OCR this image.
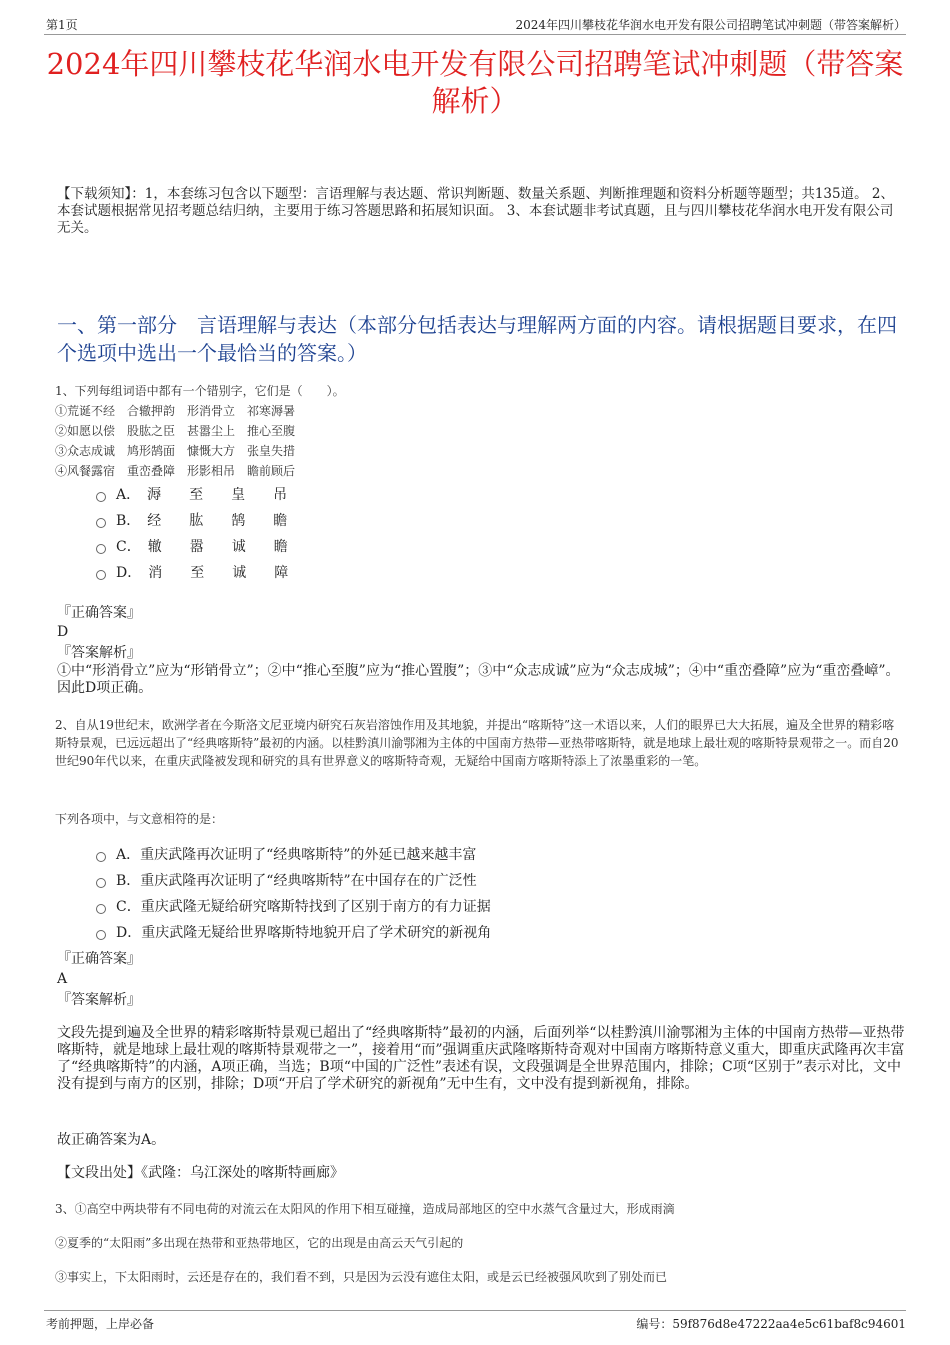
第1页	2024年四川攀枝花华润水电开发有限公司招聘笔试冲刺题（带答案解析）
2024年四川攀枝花华润水电开发有限公司招聘笔试冲刺题（带答案解析）
【下载须知】：1，本套练习包含以下题型：言语理解与表达题、常识判断题、数量关系题、判断推理题和资料分析题等题型；共135道。 2、本套试题根据常见招考题总结归纳，主要用于练习答题思路和拓展知识面。 3、本套试题非考试真题，且与四川攀枝花华润水电开发有限公司无关。
一、第一部分　言语理解与表达（本部分包括表达与理解两方面的内容。请根据题目要求，在四个选项中选出一个最恰当的答案。）
1、下列每组词语中都有一个错别字，它们是（　　）。
①荒诞不经　合辙押韵　形消骨立　祁寒溽暑
②如愿以偿　股肱之臣　甚嚣尘上　推心至腹
③众志成诚　鸠形鹄面　慷慨大方　张皇失措
④风餐露宿　重峦叠障　形影相吊　瞻前顾后
A．　溽　　至　　皇　　吊
B．　经　　肱　　鹄　　瞻
C．　辙　　嚣　　诚　　瞻
D．　消　　至　　诚　　障
『正确答案』
D
『答案解析』
①中“形消骨立”应为“形销骨立”；②中“推心至腹”应为“推心置腹”；③中“众志成诚”应为“众志成城”；④中“重峦叠障”应为“重峦叠嶂”。因此D项正确。
2、自从19世纪末，欧洲学者在今斯洛文尼亚境内研究石灰岩溶蚀作用及其地貌，并提出“喀斯特”这一术语以来，人们的眼界已大大拓展，遍及全世界的精彩喀斯特景观，已远远超出了“经典喀斯特”最初的内涵。以桂黔滇川渝鄂湘为主体的中国南方热带—亚热带喀斯特，就是地球上最壮观的喀斯特景观带之一。而自20世纪90年代以来，在重庆武隆被发现和研究的具有世界意义的喀斯特奇观，无疑给中国南方喀斯特添上了浓墨重彩的一笔。
下列各项中，与文意相符的是：
A．重庆武隆再次证明了“经典喀斯特”的外延已越来越丰富
B．重庆武隆再次证明了“经典喀斯特”在中国存在的广泛性
C．重庆武隆无疑给研究喀斯特找到了区别于南方的有力证据
D．重庆武隆无疑给世界喀斯特地貌开启了学术研究的新视角
『正确答案』
A
『答案解析』
文段先提到遍及全世界的精彩喀斯特景观已超出了“经典喀斯特”最初的内涵，后面列举“以桂黔滇川渝鄂湘为主体的中国南方热带—亚热带喀斯特，就是地球上最壮观的喀斯特景观带之一”，接着用“而”强调重庆武隆喀斯特奇观对中国南方喀斯特意义重大，即重庆武隆再次丰富了“经典喀斯特”的内涵，A项正确，当选；B项“中国的广泛性”表述有误，文段强调是全世界范围内，排除；C项“区别于”表示对比，文中没有提到与南方的区别，排除；D项“开启了学术研究的新视角”无中生有，文中没有提到新视角，排除。
故正确答案为A。
【文段出处】《武隆：乌江深处的喀斯特画廊》
3、①高空中两块带有不同电荷的对流云在太阳风的作用下相互碰撞，造成局部地区的空中水蒸气含量过大，形成雨滴
②夏季的“太阳雨”多出现在热带和亚热带地区，它的出现是由高云天气引起的
③事实上，下太阳雨时，云还是存在的，我们看不到，只是因为云没有遮住太阳，或是云已经被强风吹到了别处而已
考前押题，上岸必备	编号：59f876d8e47222aa4e5c61baf8c94601
